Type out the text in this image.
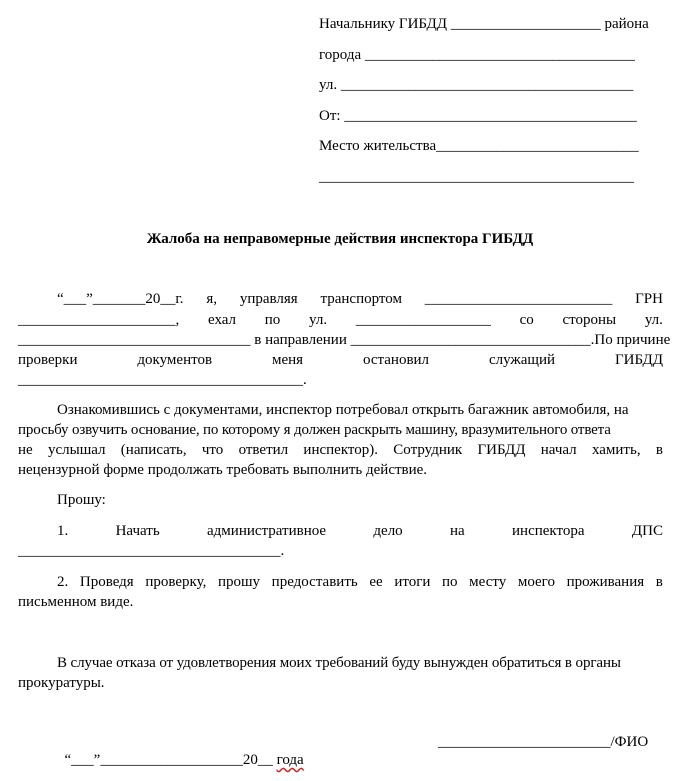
Начальнику ГИБДД ____________________ района
города ____________________________________
ул. _______________________________________
От: _______________________________________
Место жительства___________________________
__________________________________________
Жалоба на неправомерные действия инспектора ГИБДД
“___”_______20__г. я, управляя транспортом _________________________ ГРН
_____________________, ехал по ул. __________________ со стороны ул.
_______________________________ в направлении ________________________________. По причине
проверки	документов	меня	остановил	служащий	ГИБДД
______________________________________.
Ознакомившись с документами, инспектор потребовал открыть багажник автомобиля, на
просьбу озвучить основание, по которому я должен раскрыть машину, вразумительного ответа
не услышал (написать, что ответил инспектор). Сотрудник ГИБДД начал хамить, в
нецензурной форме продолжать требовать выполнить действие.
Прошу:
1.	Начать	административное	дело	на	инспектора	ДПС
___________________________________.
2. Проведя проверку, прошу предоставить ее итоги по месту моего проживания в
письменном виде.
В случае отказа от удовлетворения моих требований буду вынужден обратиться в органы
прокуратуры.

“___”___________________20__ года

_______________________/ФИО
